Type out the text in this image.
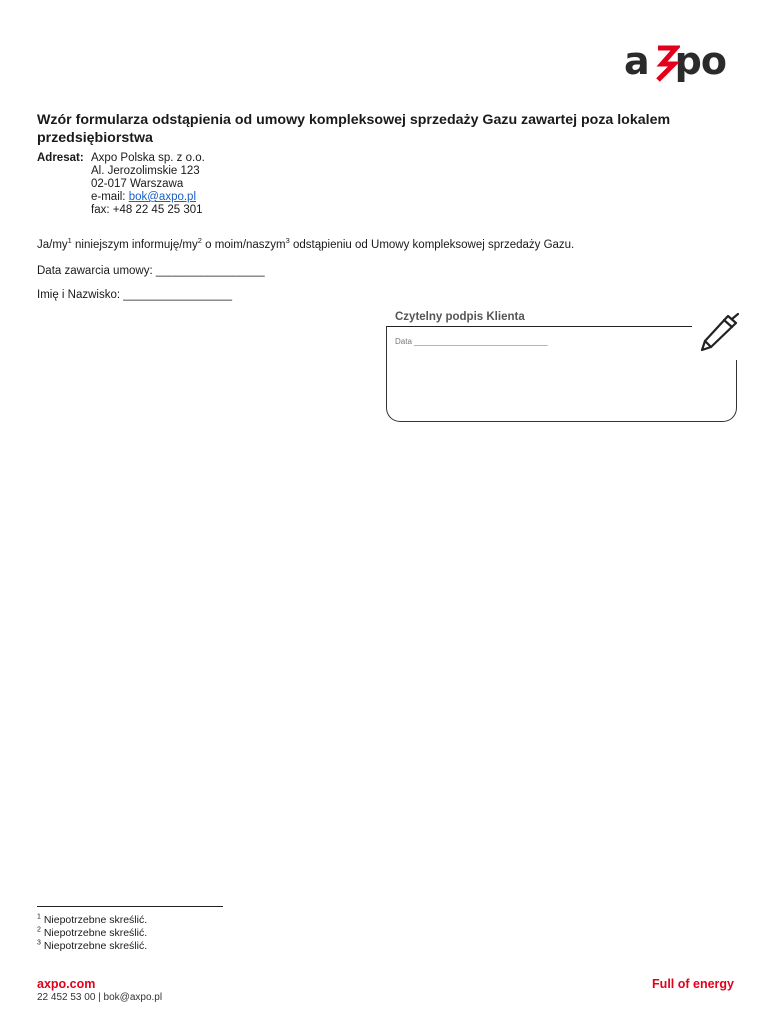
a po
Wzór formularza odstąpienia od umowy kompleksowej sprzedaży Gazu zawartej poza lokalem przedsiębiorstwa
Adresat: Axpo Polska sp. z o.o.
Al. Jerozolimskie 123
02-017 Warszawa
e-mail: bok@axpo.pl
fax: +48 22 45 25 301
$Ja/my^1$ niniejszym informuję/$my^2$ o moim/naszym$^3$ odstąpieniu od Umowy kompleksowej sprzedaży Gazu.
Data zawarcia umowy: _________________
Imię i Nazwisko: _________________
Czytelny podpis Klienta
Data ______________________________
$^1$ Niepotrzebne skreślić.
$^2$ Niepotrzebne skreślić.
$^3$ Niepotrzebne skreślić.
axpo.com
22 452 53 00 | bok@axpo.pl
Full of energy
